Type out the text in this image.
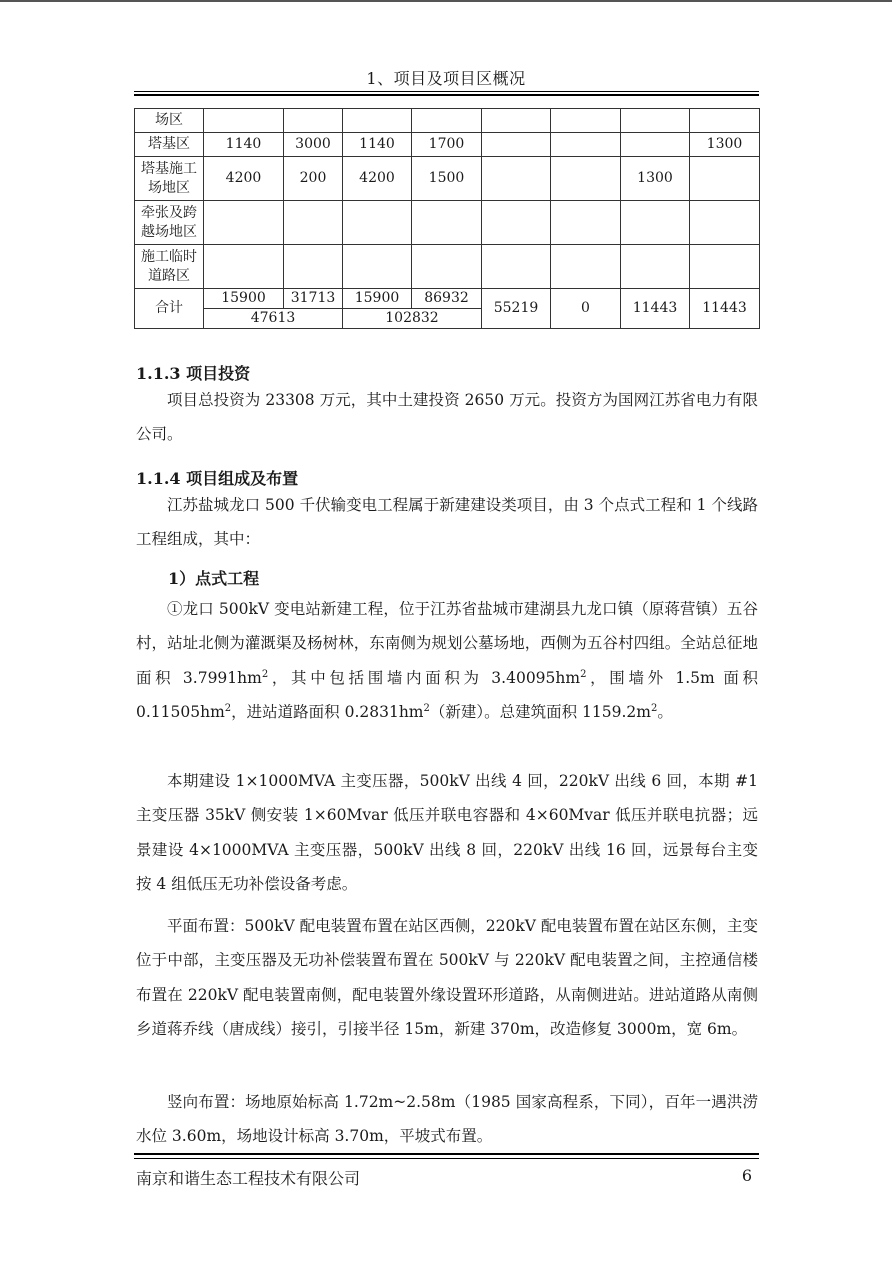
1、项目及项目区概况
场区								
塔基区	1140	3000	1140	1700				1300
塔基施工
场地区	4200	200	4200	1500			1300	
牵张及跨
越场地区								
施工临时
道路区								
合计	15900	31713	15900	86932	55219	0	11443	11443
	47613		102832					
1.1.3 项目投资
项目总投资为 23308 万元，其中土建投资 2650 万元。投资方为国网江苏省电力有限公司。
1.1.4 项目组成及布置
江苏盐城龙口 500 千伏输变电工程属于新建建设类项目，由 3 个点式工程和 1 个线路工程组成，其中：
1）点式工程
①龙口 500kV 变电站新建工程，位于江苏省盐城市建湖县九龙口镇（原蒋营镇）五谷村，站址北侧为灌溉渠及杨树林，东南侧为规划公墓场地，西侧为五谷村四组。全站总征地面积 $3.7991hm^2$，其中包括围墙内面积为 $3.40095hm^2$，围墙外 1.5m 面积 $0.11505hm^2$，进站道路面积 $0.2831hm^2$（新建）。总建筑面积 $1159.2m^2$。
本期建设 1×1000MVA 主变压器，500kV 出线 4 回，220kV 出线 6 回，本期 #1 主变压器 35kV 侧安装 1×60Mvar 低压并联电容器和 4×60Mvar 低压并联电抗器；远景建设 4×1000MVA 主变压器，500kV 出线 8 回，220kV 出线 16 回，远景每台主变按 4 组低压无功补偿设备考虑。
平面布置：500kV 配电装置布置在站区西侧，220kV 配电装置布置在站区东侧，主变位于中部，主变压器及无功补偿装置布置在 500kV 与 220kV 配电装置之间，主控通信楼布置在 220kV 配电装置南侧，配电装置外缘设置环形道路，从南侧进站。进站道路从南侧乡道蒋乔线（唐成线）接引，引接半径 15m，新建 370m，改造修复 3000m，宽 6m。
竖向布置：场地原始标高 1.72m~2.58m（1985 国家高程系，下同），百年一遇洪涝水位 3.60m，场地设计标高 3.70m，平坡式布置。
南京和谐生态工程技术有限公司	6
